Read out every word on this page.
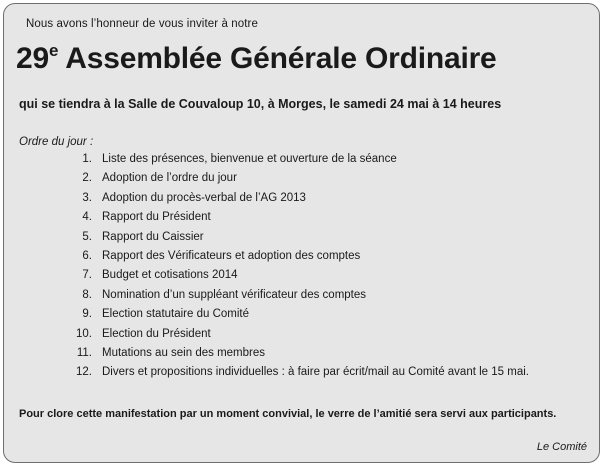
Nous avons l’honneur de vous inviter à notre
29e Assemblée Générale Ordinaire
qui se tiendra à la Salle de Couvaloup 10, à Morges, le samedi 24 mai à 14 heures
Ordre du jour :
1. Liste des présences, bienvenue et ouverture de la séance
2. Adoption de l’ordre du jour
3. Adoption du procès-verbal de l’AG 2013
4. Rapport du Président
5. Rapport du Caissier
6. Rapport des Vérificateurs et adoption des comptes
7. Budget et cotisations 2014
8. Nomination d’un suppléant vérificateur des comptes
9. Election statutaire du Comité
10. Election du Président
11. Mutations au sein des membres
12. Divers et propositions individuelles : à faire par écrit/mail au Comité avant le 15 mai.
Pour clore cette manifestation par un moment convivial, le verre de l’amitié sera servi aux participants.
Le Comité
